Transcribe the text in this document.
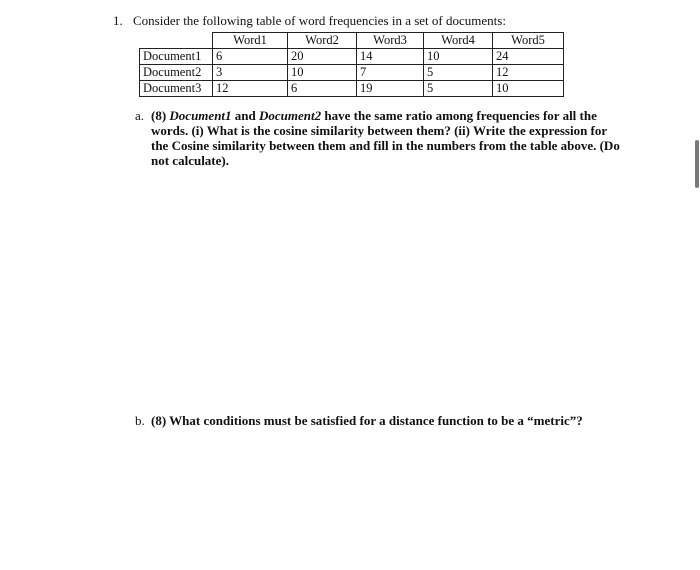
1. Consider the following table of word frequencies in a set of documents:
	Word1	Word2	Word3	Word4	Word5
Document1	6	20	14	10	24
Document2	3	10	7	5	12
Document3	12	6	19	5	10
a. (8) Document1 and Document2 have the same ratio among frequencies for all the words. (i) What is the cosine similarity between them? (ii) Write the expression for the Cosine similarity between them and fill in the numbers from the table above. (Do not calculate).
b. (8) What conditions must be satisfied for a distance function to be a “metric”?
